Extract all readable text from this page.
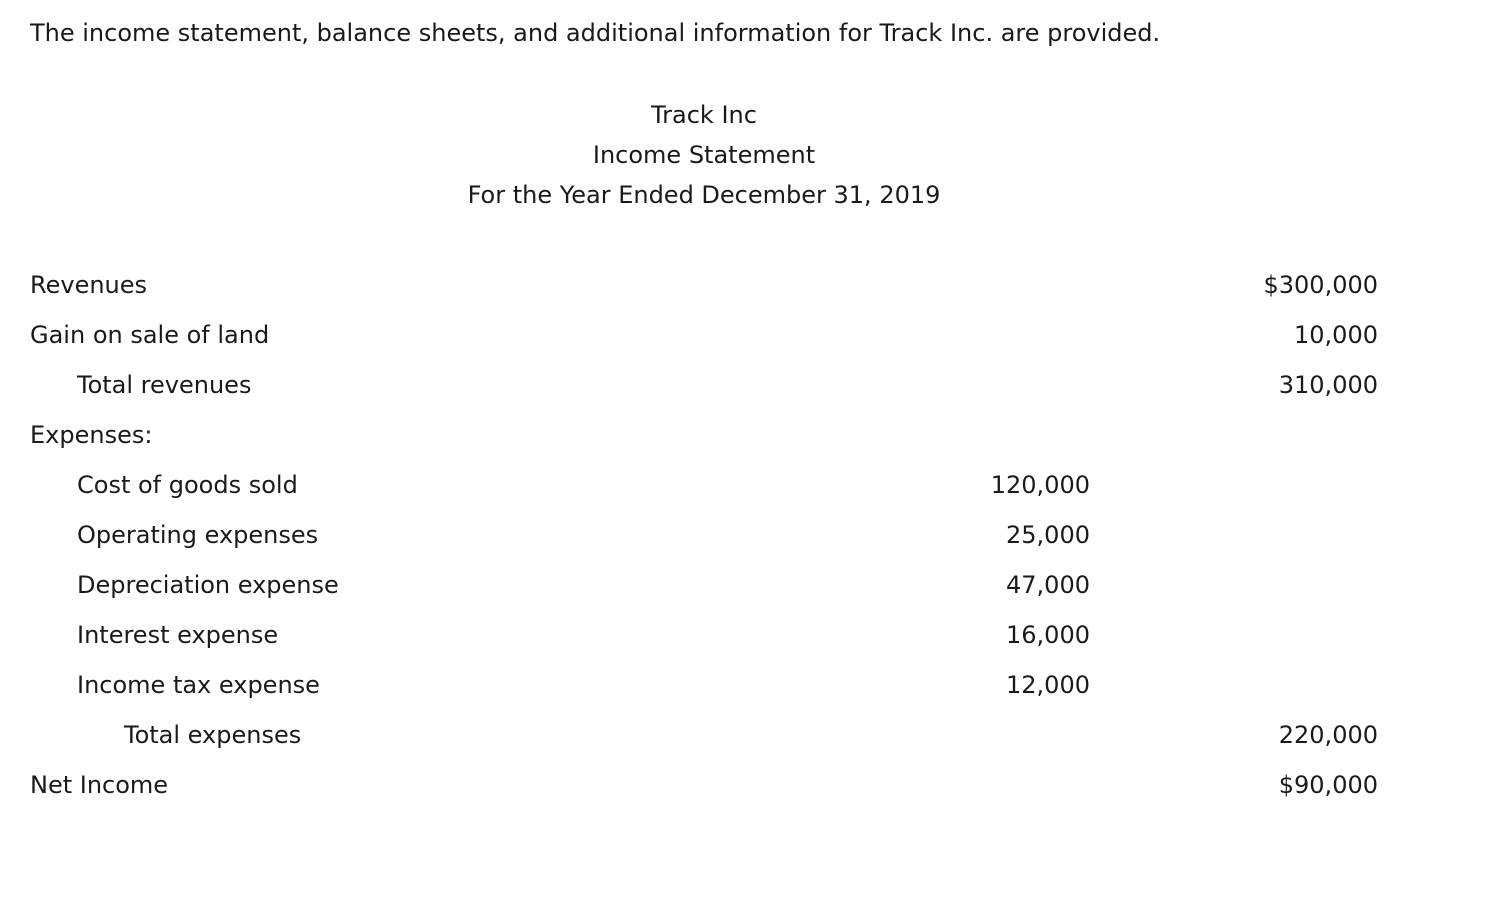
The income statement, balance sheets, and additional information for Track Inc. are provided.
Track Inc
Income Statement
For the Year Ended December 31, 2019
Revenues	$300,000
Gain on sale of land	10,000
Total revenues	310,000
Expenses:
Cost of goods sold	120,000
Operating expenses	25,000
Depreciation expense	47,000
Interest expense	16,000
Income tax expense	12,000
Total expenses	220,000
Net Income	$90,000
